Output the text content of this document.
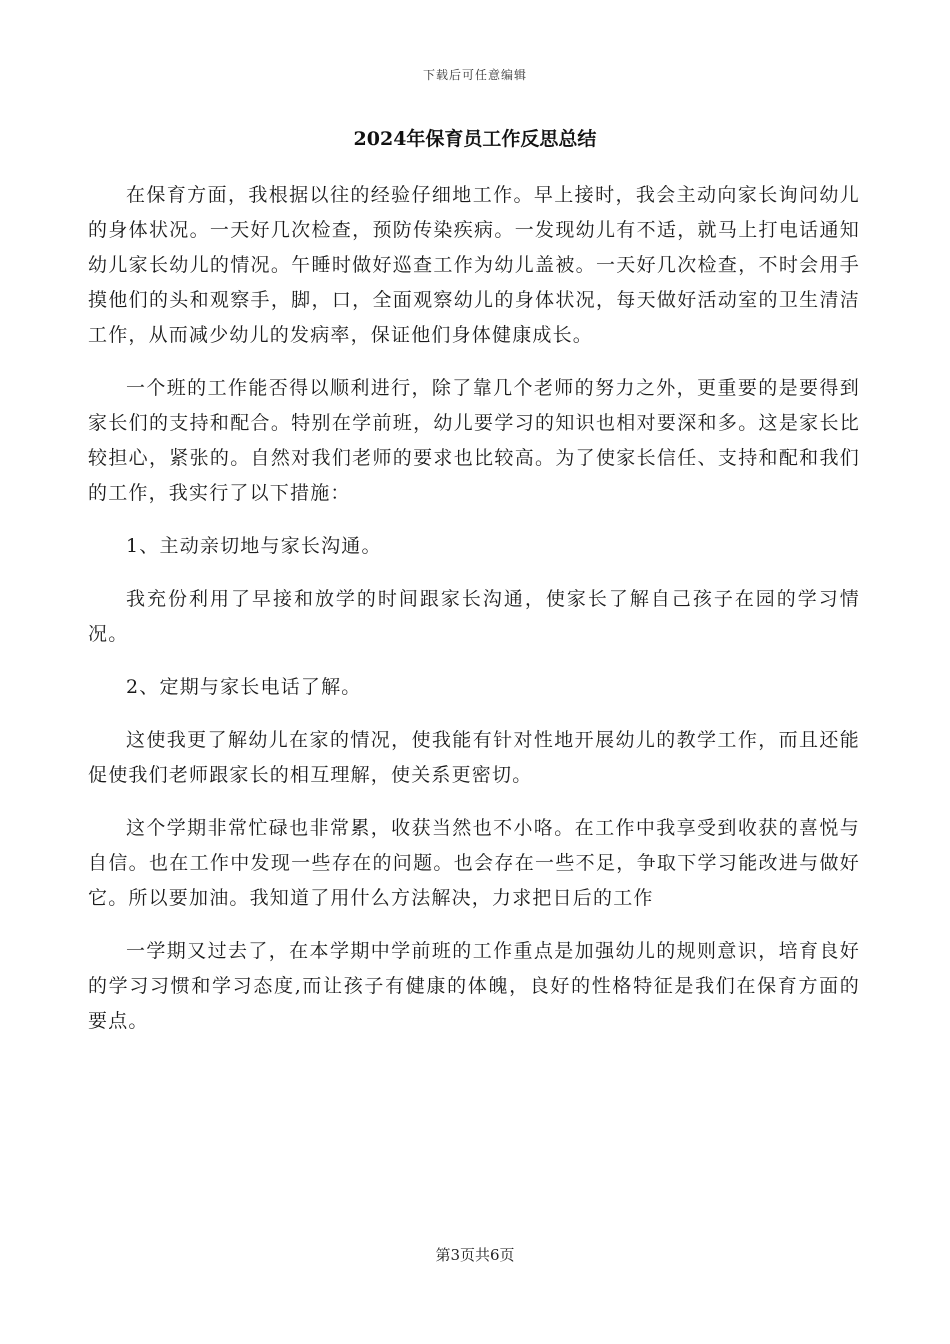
下载后可任意编辑
2024年保育员工作反思总结

在保育方面，我根据以往的经验仔细地工作。早上接时，我会主动向家长询问幼儿的身体状况。一天好几次检查，预防传染疾病。一发现幼儿有不适，就马上打电话通知幼儿家长幼儿的情况。午睡时做好巡查工作为幼儿盖被。一天好几次检查，不时会用手摸他们的头和观察手，脚，口，全面观察幼儿的身体状况，每天做好活动室的卫生清洁工作，从而减少幼儿的发病率，保证他们身体健康成长。

一个班的工作能否得以顺利进行，除了靠几个老师的努力之外，更重要的是要得到家长们的支持和配合。特别在学前班，幼儿要学习的知识也相对要深和多。这是家长比较担心，紧张的。自然对我们老师的要求也比较高。为了使家长信任、支持和配和我们的工作，我实行了以下措施：

1、主动亲切地与家长沟通。

我充份利用了早接和放学的时间跟家长沟通，使家长了解自己孩子在园的学习情况。

2、定期与家长电话了解。

这使我更了解幼儿在家的情况，使我能有针对性地开展幼儿的教学工作，而且还能促使我们老师跟家长的相互理解，使关系更密切。

这个学期非常忙碌也非常累，收获当然也不小咯。在工作中我享受到收获的喜悦与自信。也在工作中发现一些存在的问题。也会存在一些不足，争取下学习能改进与做好它。所以要加油。我知道了用什么方法解决，力求把日后的工作

一学期又过去了，在本学期中学前班的工作重点是加强幼儿的规则意识，培育良好的学习习惯和学习态度,而让孩子有健康的体魄，良好的性格特征是我们在保育方面的要点。

第3页共6页
